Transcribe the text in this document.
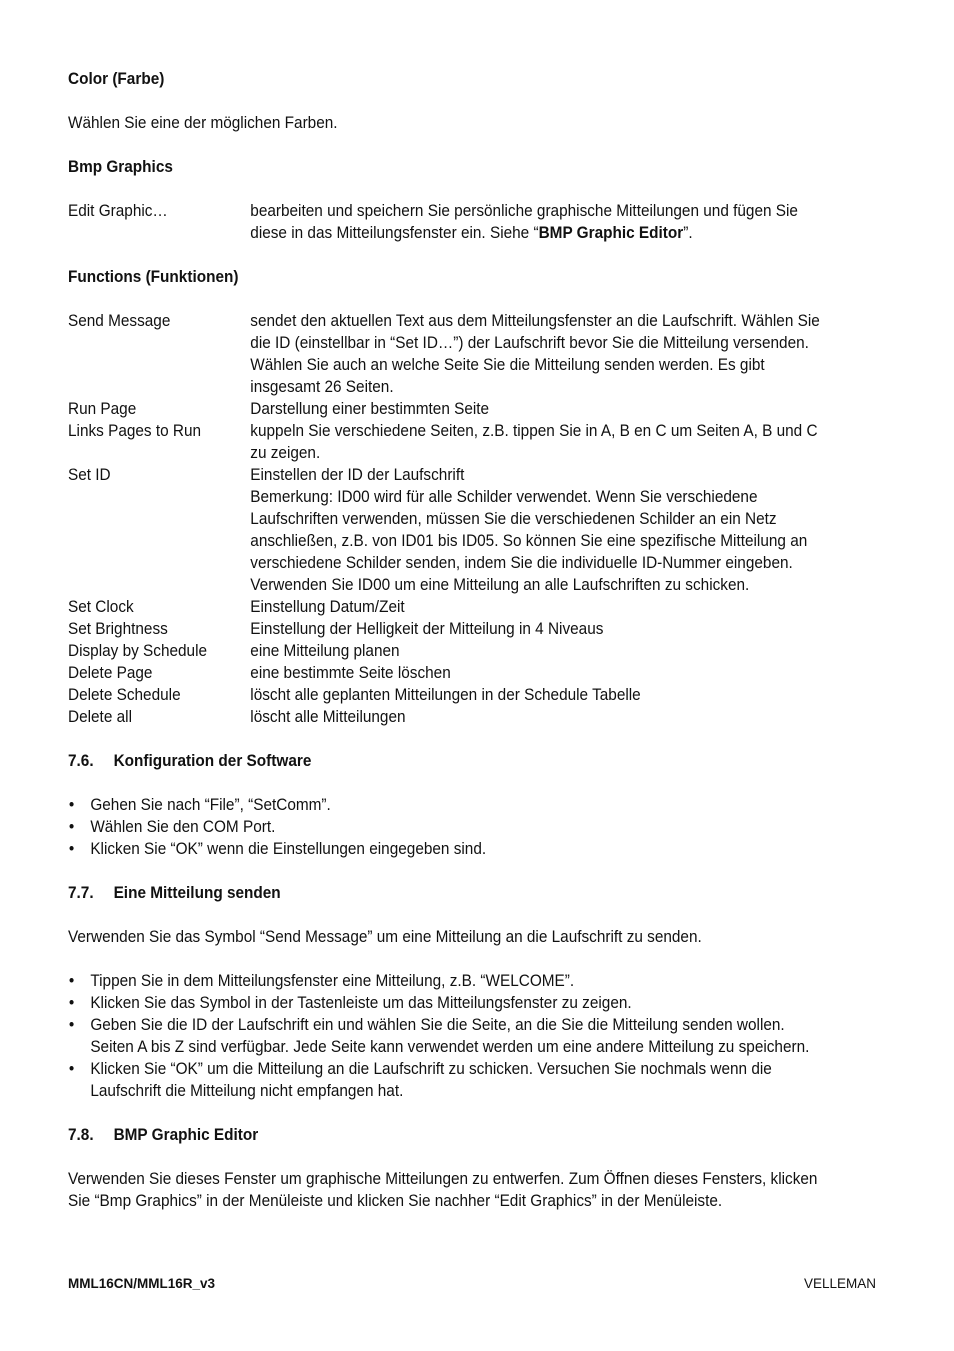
Color (Farbe)

Wählen Sie eine der möglichen Farben.

Bmp Graphics

Edit Graphic…	bearbeiten und speichern Sie persönliche graphische Mitteilungen und fügen Sie diese in das Mitteilungsfenster ein. Siehe “BMP Graphic Editor”.

Functions (Funktionen)

Send Message	sendet den aktuellen Text aus dem Mitteilungsfenster an die Laufschrift. Wählen Sie die ID (einstellbar in “Set ID…”) der Laufschrift bevor Sie die Mitteilung versenden. Wählen Sie auch an welche Seite Sie die Mitteilung senden werden. Es gibt insgesamt 26 Seiten.
Run Page	Darstellung einer bestimmten Seite
Links Pages to Run	kuppeln Sie verschiedene Seiten, z.B. tippen Sie in A, B en C um Seiten A, B und C zu zeigen.
Set ID	Einstellen der ID der Laufschrift
Bemerkung: ID00 wird für alle Schilder verwendet. Wenn Sie verschiedene Laufschriften verwenden, müssen Sie die verschiedenen Schilder an ein Netz anschließen, z.B. von ID01 bis ID05. So können Sie eine spezifische Mitteilung an verschiedene Schilder senden, indem Sie die individuelle ID-Nummer eingeben. Verwenden Sie ID00 um eine Mitteilung an alle Laufschriften zu schicken.
Set Clock	Einstellung Datum/Zeit
Set Brightness	Einstellung der Helligkeit der Mitteilung in 4 Niveaus
Display by Schedule	eine Mitteilung planen
Delete Page	eine bestimmte Seite löschen
Delete Schedule	löscht alle geplanten Mitteilungen in der Schedule Tabelle
Delete all	löscht alle Mitteilungen

7.6. Konfiguration der Software

• Gehen Sie nach “File”, “SetComm”.
• Wählen Sie den COM Port.
• Klicken Sie “OK” wenn die Einstellungen eingegeben sind.

7.7. Eine Mitteilung senden

Verwenden Sie das Symbol “Send Message” um eine Mitteilung an die Laufschrift zu senden.

• Tippen Sie in dem Mitteilungsfenster eine Mitteilung, z.B. “WELCOME”.
• Klicken Sie das Symbol in der Tastenleiste um das Mitteilungsfenster zu zeigen.
• Geben Sie die ID der Laufschrift ein und wählen Sie die Seite, an die Sie die Mitteilung senden wollen. Seiten A bis Z sind verfügbar. Jede Seite kann verwendet werden um eine andere Mitteilung zu speichern.
• Klicken Sie “OK” um die Mitteilung an die Laufschrift zu schicken. Versuchen Sie nochmals wenn die Laufschrift die Mitteilung nicht empfangen hat.

7.8. BMP Graphic Editor

Verwenden Sie dieses Fenster um graphische Mitteilungen zu entwerfen. Zum Öffnen dieses Fensters, klicken Sie “Bmp Graphics” in der Menüleiste und klicken Sie nachher “Edit Graphics” in der Menüleiste.

MML16CN/MML16R_v3	VELLEMAN
